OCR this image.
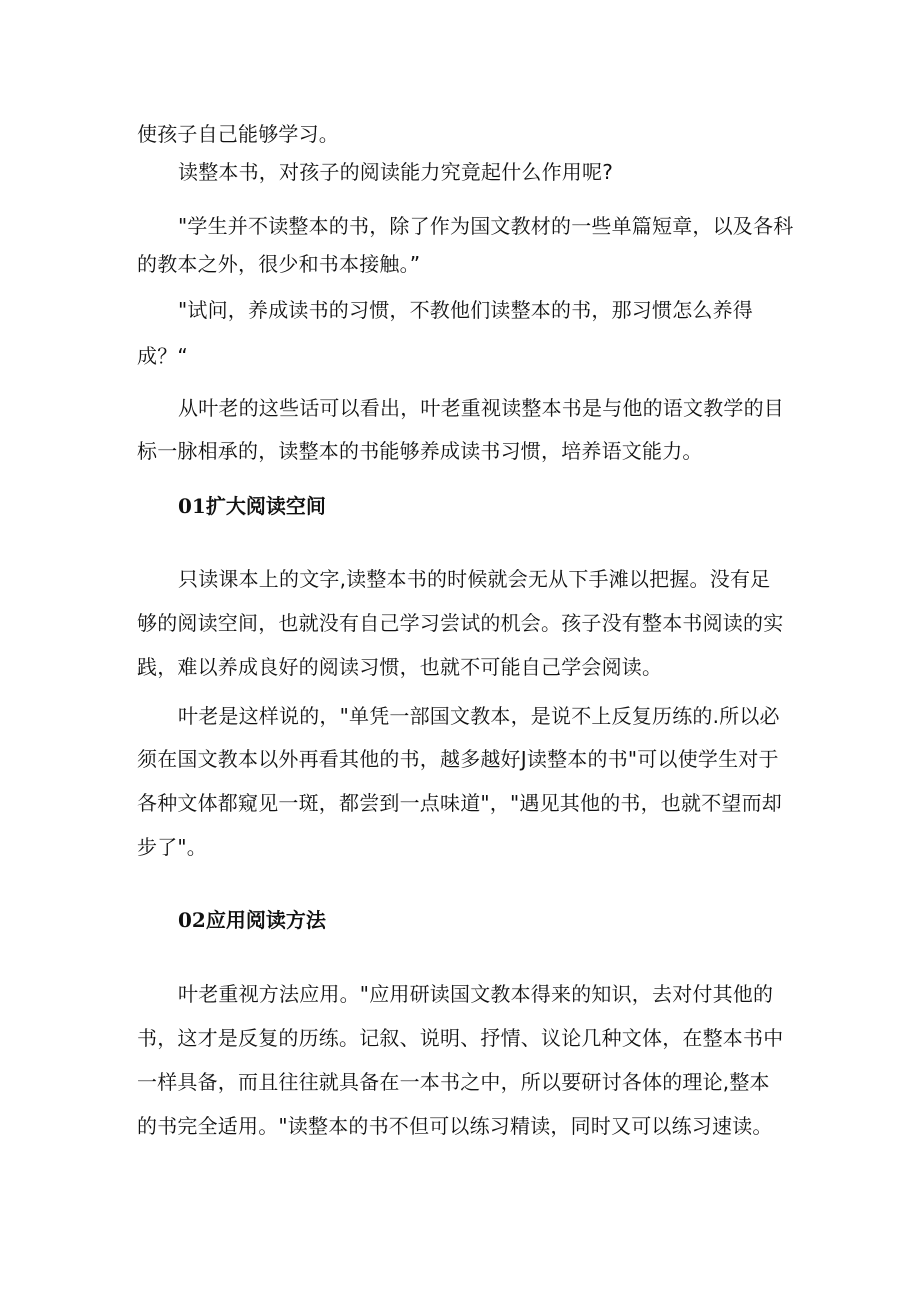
使孩子自己能够学习。

读整本书，对孩子的阅读能力究竟起什么作用呢?

"学生并不读整本的书，除了作为国文教材的一些单篇短章，以及各科

的教本之外，很少和书本接触。”

"试问，养成读书的习惯，不教他们读整本的书，那习惯怎么养得

成？“

从叶老的这些话可以看出，叶老重视读整本书是与他的语文教学的目

标一脉相承的，读整本的书能够养成读书习惯，培养语文能力。

01扩大阅读空间

只读课本上的文字,读整本书的时候就会无从下手滩以把握。没有足

够的阅读空间，也就没有自己学习尝试的机会。孩子没有整本书阅读的实

践，难以养成良好的阅读习惯，也就不可能自己学会阅读。

叶老是这样说的，"单凭一部国文教本，是说不上反复历练的.所以必

须在国文教本以外再看其他的书，越多越好J读整本的书"可以使学生对于

各种文体都窥见一斑，都尝到一点味道"，"遇见其他的书，也就不望而却

步了"。

02应用阅读方法

叶老重视方法应用。"应用研读国文教本得来的知识，去对付其他的

书，这才是反复的历练。记叙、说明、抒情、议论几种文体，在整本书中

一样具备，而且往往就具备在一本书之中，所以要研讨各体的理论,整本

的书完全适用。"读整本的书不但可以练习精读，同时又可以练习速读。
